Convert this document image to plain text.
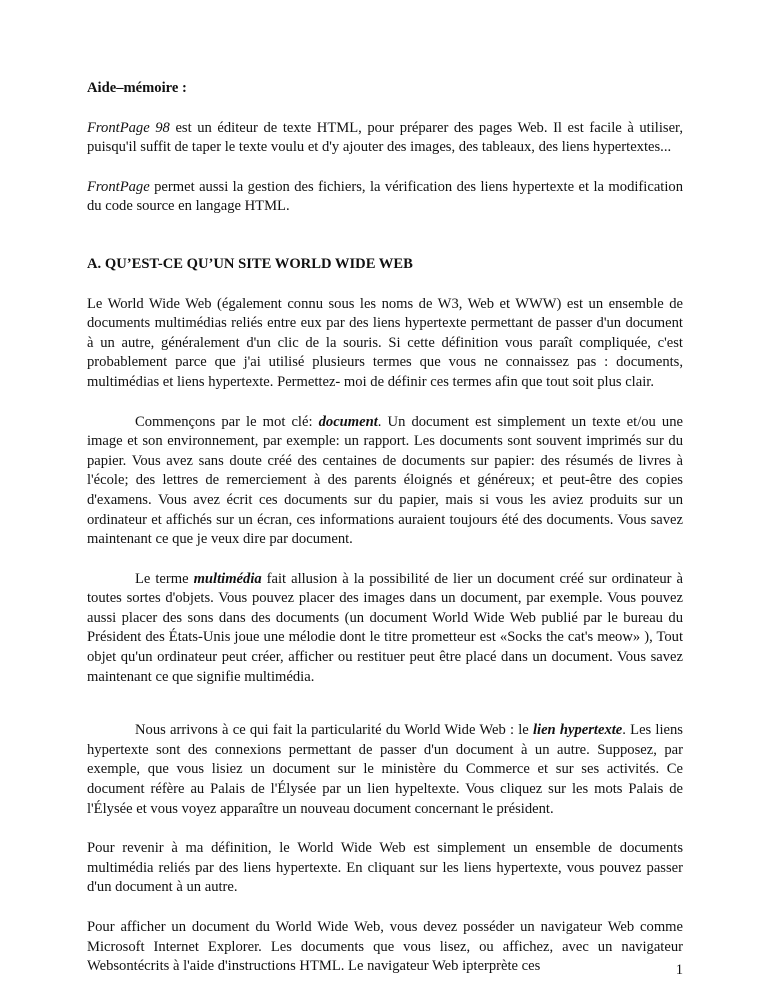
Aide–mémoire :

FrontPage 98 est un éditeur de texte HTML, pour préparer des pages Web. Il est facile à utiliser, puisqu'il suffit de taper le texte voulu et d'y ajouter des images, des tableaux, des liens hypertextes...

FrontPage permet aussi la gestion des fichiers, la vérification des liens hypertexte et la modification du code source en langage HTML.

A. QU’EST-CE QU’UN SITE WORLD WIDE WEB

Le World Wide Web (également connu sous les noms de W3, Web et WWW) est un ensemble de documents multimédias reliés entre eux par des liens hypertexte permettant de passer d'un document à un autre, généralement d'un clic de la souris. Si cette définition vous paraît compliquée, c'est probablement parce que j'ai utilisé plusieurs termes que vous ne connaissez pas : documents, multimédias et liens hypertexte. Permettez- moi de définir ces termes afin que tout soit plus clair.

Commençons par le mot clé: document. Un document est simplement un texte et/ou une image et son environnement, par exemple: un rapport. Les documents sont souvent imprimés sur du papier. Vous avez sans doute créé des centaines de documents sur papier: des résumés de livres à l'école; des lettres de remerciement à des parents éloignés et généreux; et peut-être des copies d'examens. Vous avez écrit ces documents sur du papier, mais si vous les aviez produits sur un ordinateur et affichés sur un écran, ces informations auraient toujours été des documents. Vous savez maintenant ce que je veux dire par document.

Le terme multimédia fait allusion à la possibilité de lier un document créé sur ordinateur à toutes sortes d'objets. Vous pouvez placer des images dans un document, par exemple. Vous pouvez aussi placer des sons dans des documents (un document World Wide Web publié par le bureau du Président des États-Unis joue une mélodie dont le titre prometteur est «Socks the cat's meow» ), Tout objet qu'un ordinateur peut créer, afficher ou restituer peut être placé dans un document. Vous savez maintenant ce que signifie multimédia.

Nous arrivons à ce qui fait la particularité du World Wide Web : le lien hypertexte. Les liens hypertexte sont des connexions permettant de passer d'un document à un autre. Supposez, par exemple, que vous lisiez un document sur le ministère du Commerce et sur ses activités. Ce document réfère au Palais de l'Élysée par un lien hypeltexte. Vous cliquez sur les mots Palais de l'Élysée et vous voyez apparaître un nouveau document concernant le président.

Pour revenir à ma définition, le World Wide Web est simplement un ensemble de documents multimédia reliés par des liens hypertexte. En cliquant sur les liens hypertexte, vous pouvez passer d'un document à un autre.

Pour afficher un document du World Wide Web, vous devez posséder un navigateur Web comme Microsoft Internet Explorer. Les documents que vous lisez, ou affichez, avec un navigateur Websontécrits à l'aide d'instructions HTML. Le navigateur Web ipterprète ces	1
